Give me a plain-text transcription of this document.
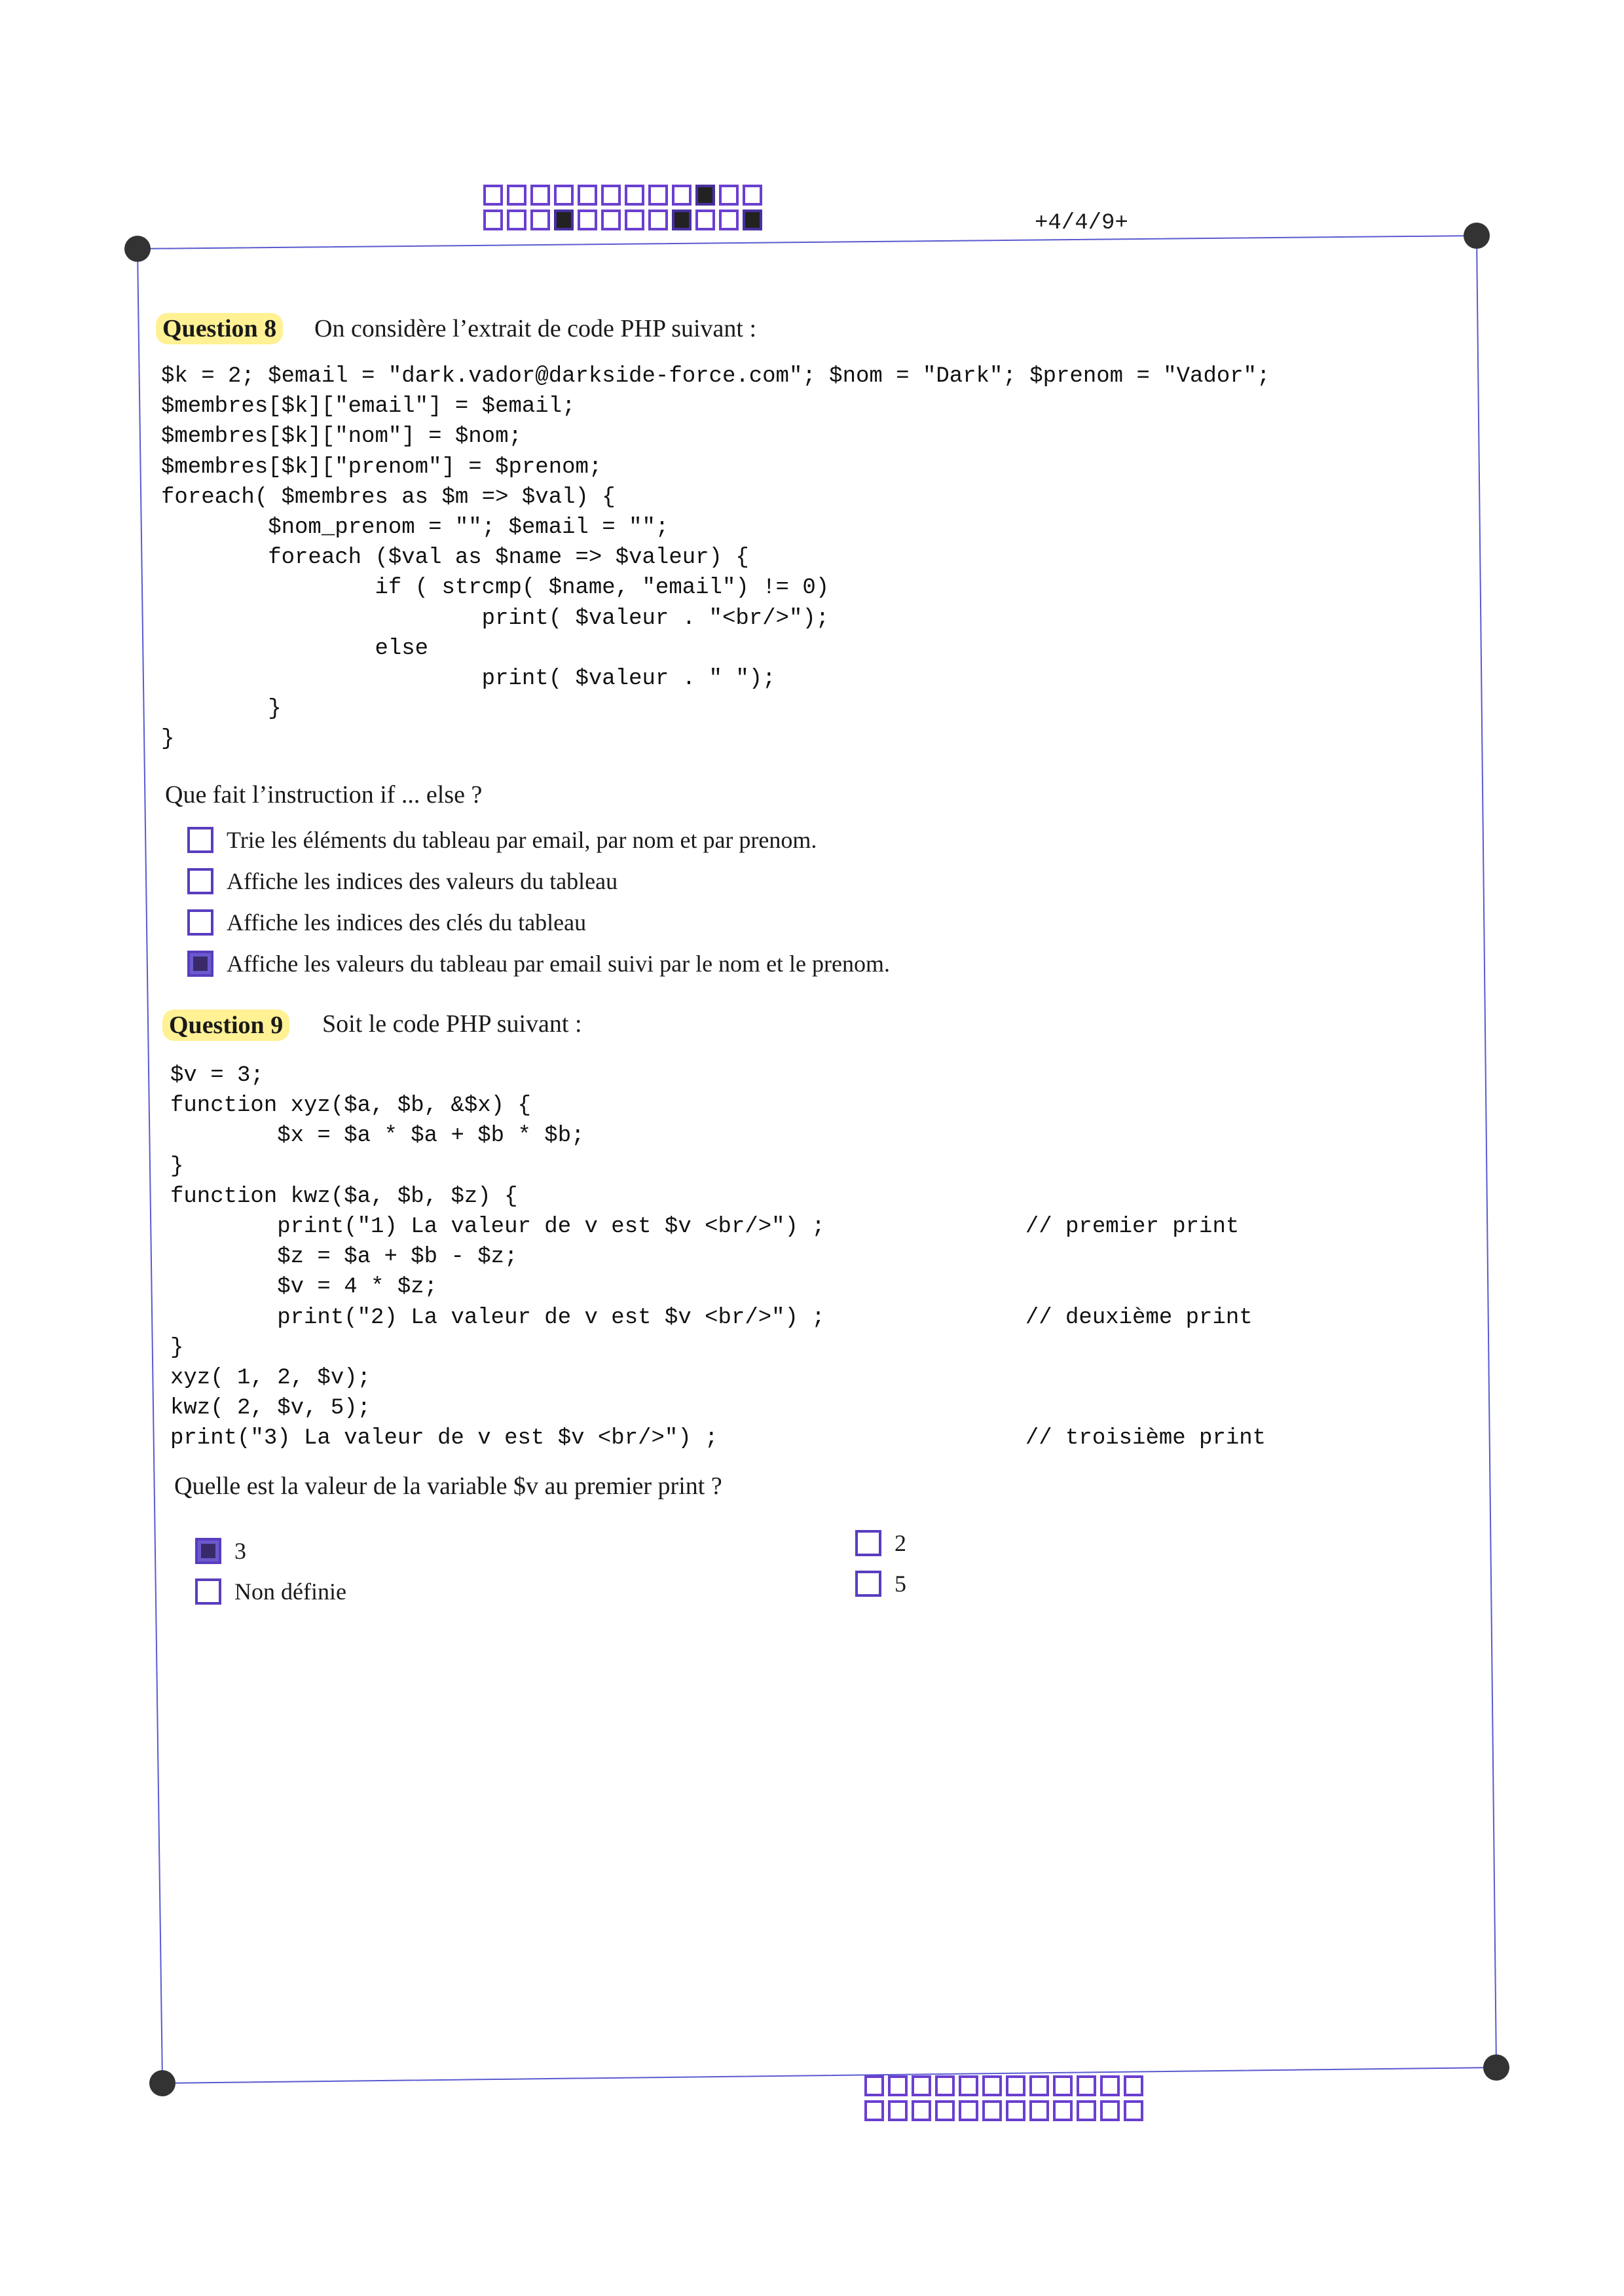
+4/4/9+
Question 8 On considère l’extrait de code PHP suivant :
$k = 2; $email = "dark.vador@darkside-force.com"; $nom = "Dark"; $prenom = "Vador";
$membres[$k]["email"] = $email;
$membres[$k]["nom"] = $nom;
$membres[$k]["prenom"] = $prenom;
foreach( $membres as $m => $val) {
$nom_prenom = ""; $email = "";
foreach ($val as $name => $valeur) {
if ( strcmp( $name, "email") != 0)
print( $valeur . "<br/>");
else
print( $valeur . " ");
}
}
Que fait l’instruction if ... else ?
Trie les éléments du tableau par email, par nom et par prenom.
Affiche les indices des valeurs du tableau
Affiche les indices des clés du tableau
Affiche les valeurs du tableau par email suivi par le nom et le prenom.
Question 9 Soit le code PHP suivant :
$v = 3;
function xyz($a, $b, &$x) {
$x = $a * $a + $b * $b;
}
function kwz($a, $b, $z) {
print("1) La valeur de v est $v <br/>") ;               // premier print
$z = $a + $b - $z;
$v = 4 * $z;
print("2) La valeur de v est $v <br/>") ;               // deuxième print
}
xyz( 1, 2, $v);
kwz( 2, $v, 5);
print("3) La valeur de v est $v <br/>") ;                       // troisième print
Quelle est la valeur de la variable $v au premier print ?
3	2
Non définie	5
